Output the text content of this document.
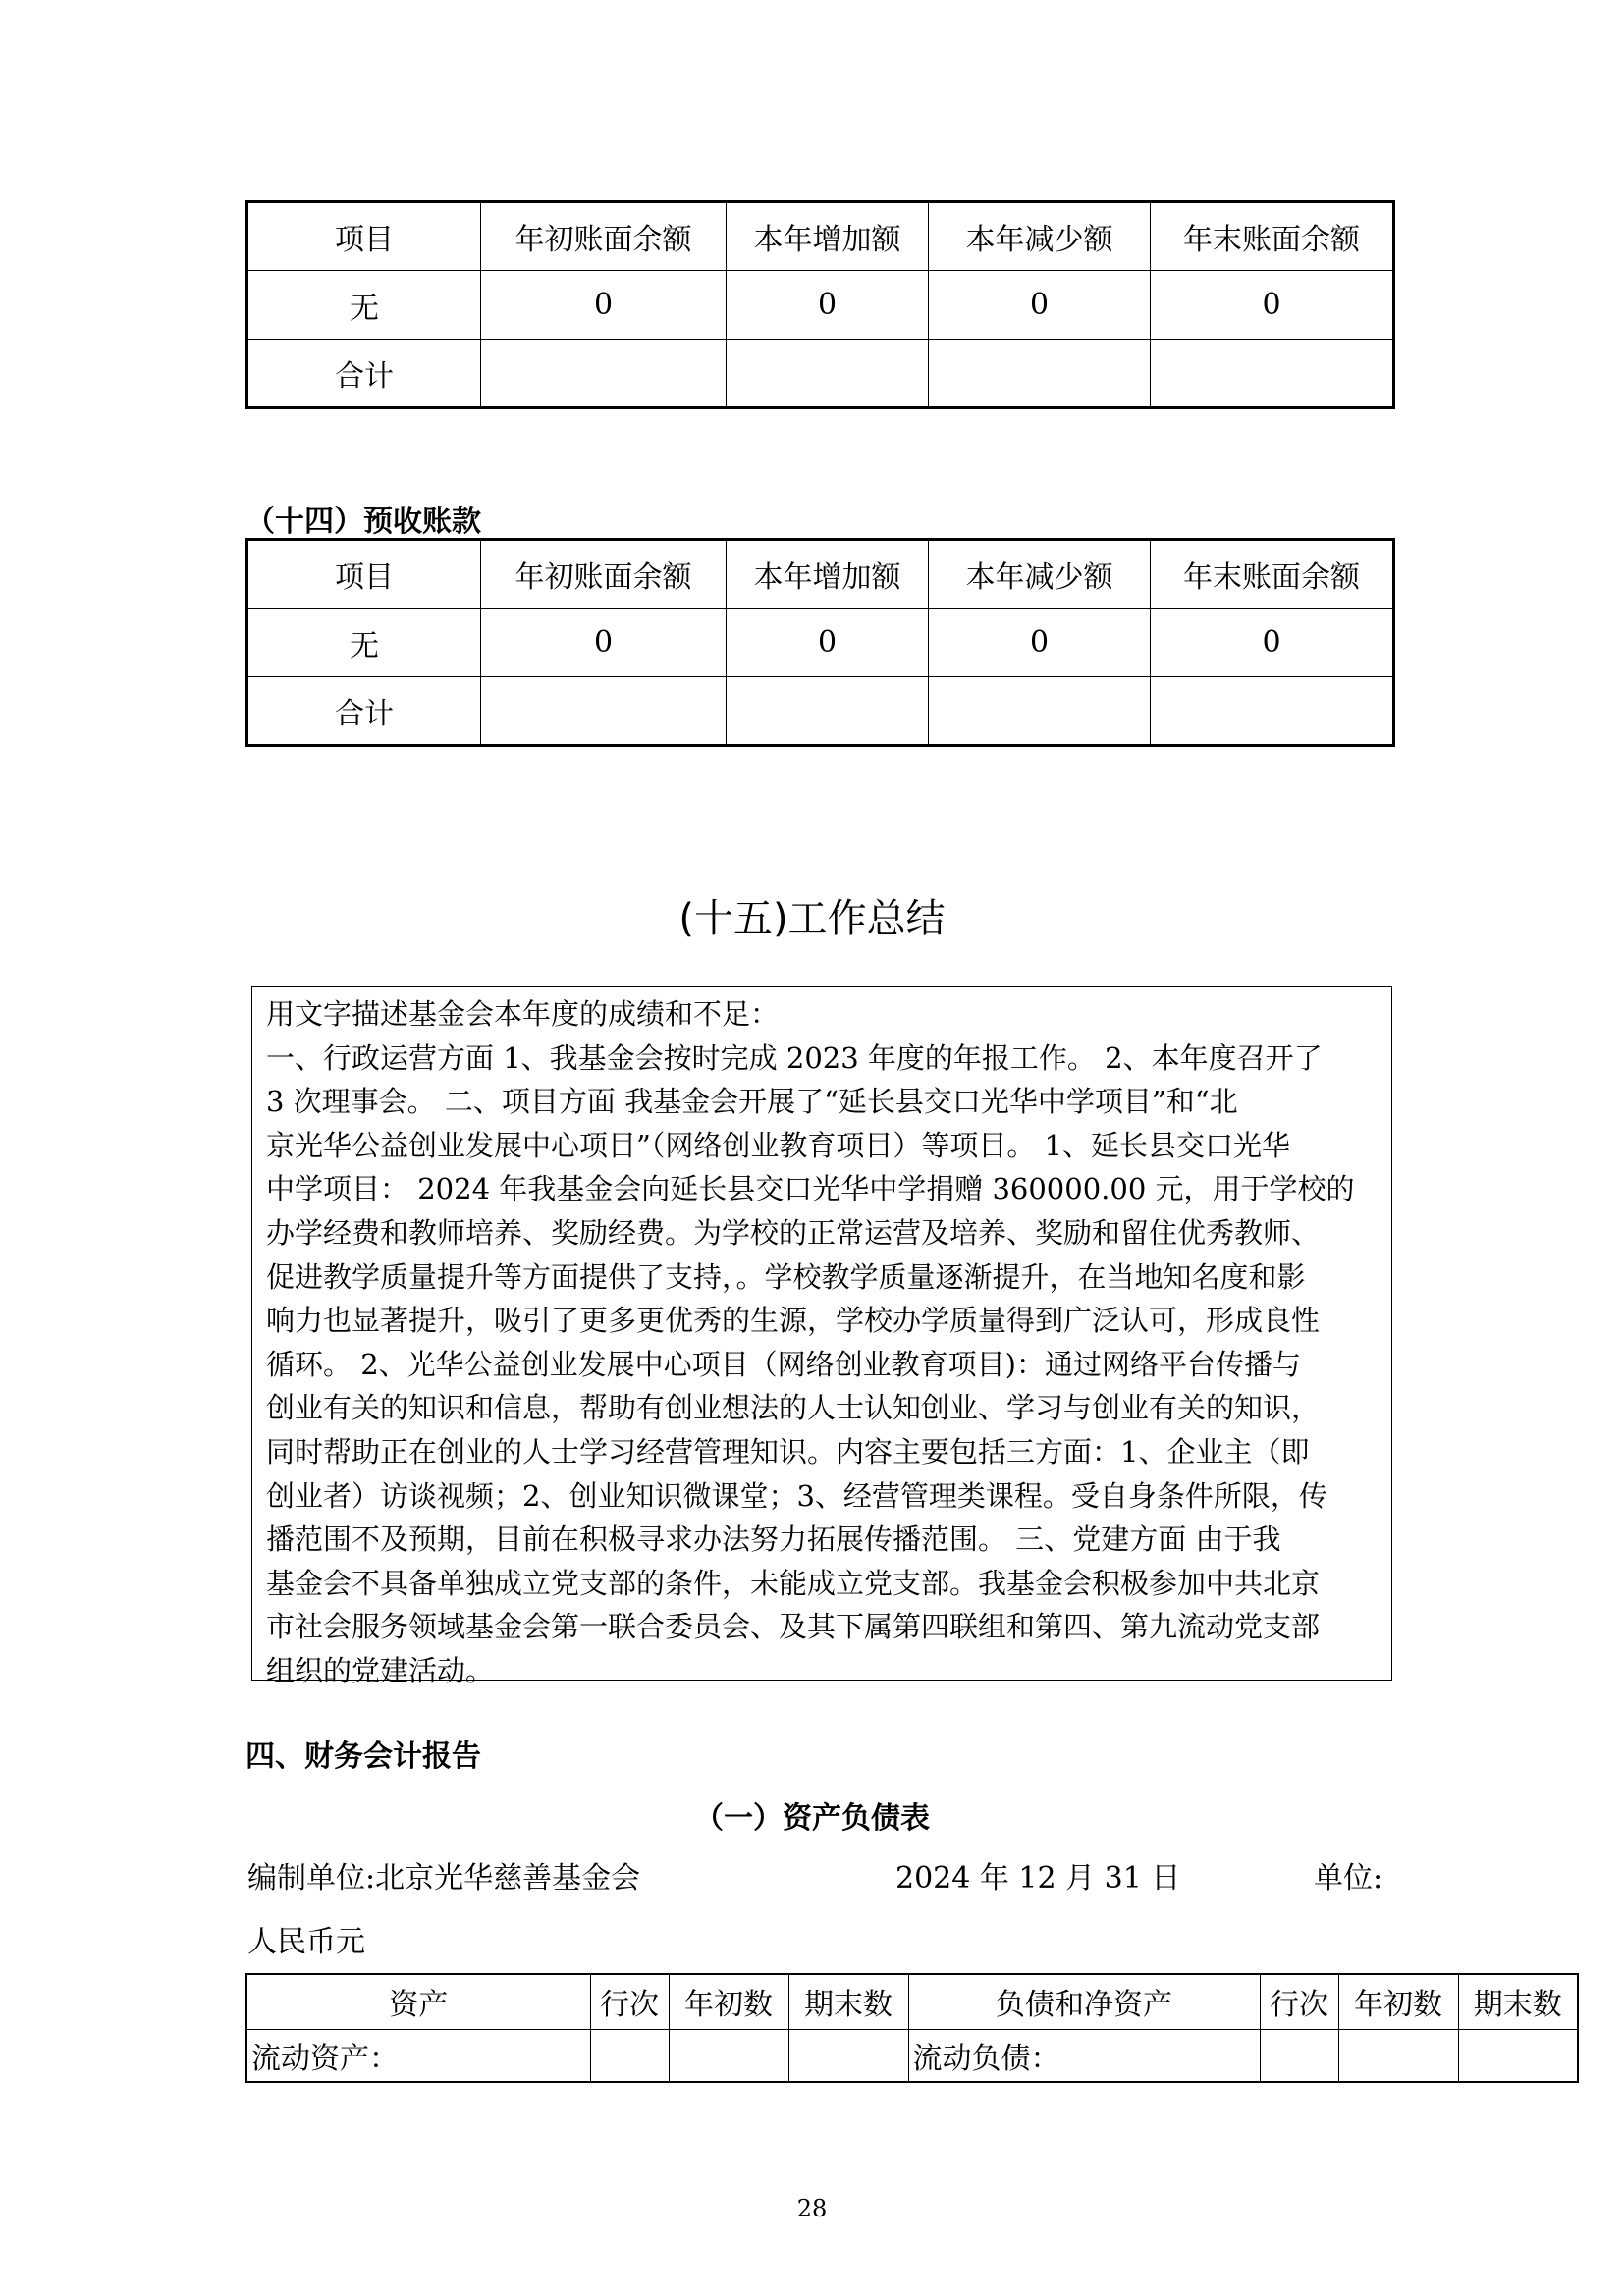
项目	年初账面余额	本年增加额	本年减少额	年末账面余额
无	0	0	0	0
合计				
（十四）预收账款
项目	年初账面余额	本年增加额	本年减少额	年末账面余额
无	0	0	0	0
合计				
(十五)工作总结
用文字描述基金会本年度的成绩和不足：
一、行政运营方面 1、我基金会按时完成 2023 年度的年报工作。 2、本年度召开了
3 次理事会。 二、项目方面 我基金会开展了“延长县交口光华中学项目”和“北
京光华公益创业发展中心项目”（网络创业教育项目）等项目。 1、延长县交口光华
中学项目： 2024 年我基金会向延长县交口光华中学捐赠 360000.00 元，用于学校的
办学经费和教师培养、奖励经费。为学校的正常运营及培养、奖励和留住优秀教师、
促进教学质量提升等方面提供了支持，。学校教学质量逐渐提升，在当地知名度和影
响力也显著提升，吸引了更多更优秀的生源，学校办学质量得到广泛认可，形成良性
循环。 2、光华公益创业发展中心项目（网络创业教育项目)：通过网络平台传播与
创业有关的知识和信息，帮助有创业想法的人士认知创业、学习与创业有关的知识，
同时帮助正在创业的人士学习经营管理知识。内容主要包括三方面：1、企业主（即
创业者）访谈视频；2、创业知识微课堂；3、经营管理类课程。受自身条件所限，传
播范围不及预期，目前在积极寻求办法努力拓展传播范围。 三、党建方面 由于我
基金会不具备单独成立党支部的条件，未能成立党支部。我基金会积极参加中共北京
市社会服务领域基金会第一联合委员会、及其下属第四联组和第四、第九流动党支部
组织的党建活动。
四、财务会计报告
（一）资产负债表
编制单位:北京光华慈善基金会	2024 年 12 月 31 日	单位:
人民币元
资产	行次	年初数	期末数	负债和净资产	行次	年初数	期末数
流动资产：				流动负债：			
28
